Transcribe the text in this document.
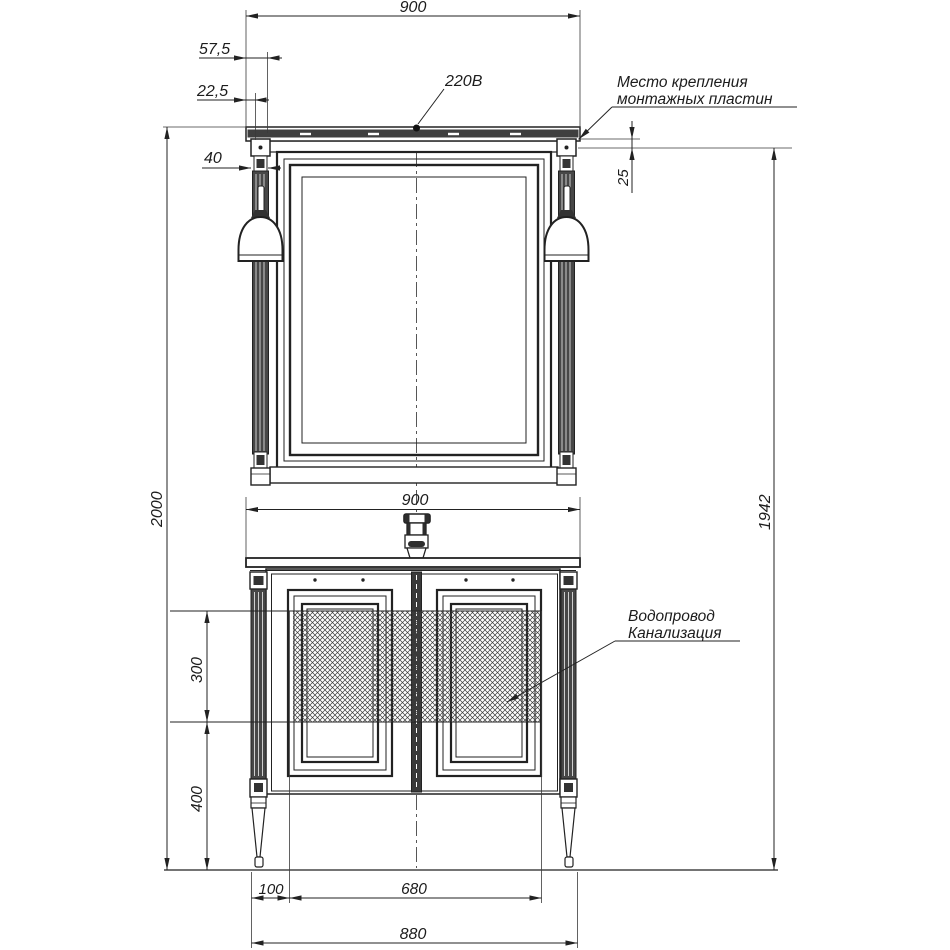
900
57,5
22,5
40
25
2000	1942
900
300
400
100	680
880
220В	Место крепления
монтажных пластин
Водопровод
Канализация
